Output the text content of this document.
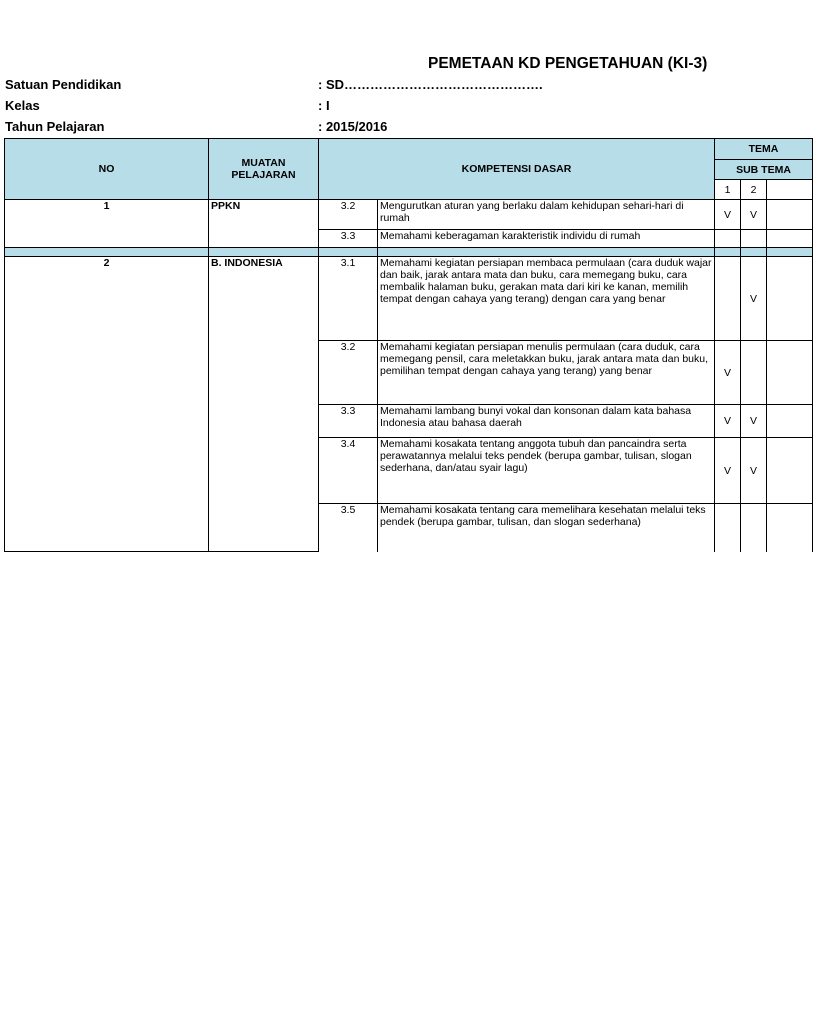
PEMETAAN KD PENGETAHUAN (KI-3)
Satuan Pendidikan	: SD……………………………………….
Kelas	: I
Tahun Pelajaran	: 2015/2016
NO	MUATAN PELAJARAN	KOMPETENSI DASAR		TEMA		
				SUB TEMA		
				1	2	
1	PPKN	3.2	Mengurutkan aturan yang berlaku dalam kehidupan sehari-hari di rumah	V	V	
		3.3	Memahami keberagaman karakteristik individu di rumah			

2	B. INDONESIA	3.1	Memahami kegiatan persiapan membaca permulaan (cara duduk wajar dan baik, jarak antara mata dan buku, cara memegang buku, cara membalik halaman buku, gerakan mata dari kiri ke kanan, memilih tempat dengan cahaya yang terang) dengan cara yang benar		V	
		3.2	Memahami kegiatan persiapan menulis permulaan (cara duduk, cara memegang pensil, cara meletakkan buku, jarak antara mata dan buku, pemilihan tempat dengan cahaya yang terang) yang benar	V		
		3.3	Memahami lambang bunyi vokal dan konsonan dalam kata bahasa Indonesia atau bahasa daerah	V	V	
		3.4	Memahami kosakata tentang anggota tubuh dan pancaindra serta perawatannya melalui teks pendek (berupa gambar, tulisan, slogan sederhana, dan/atau syair lagu)	V	V	
		3.5	Memahami kosakata tentang cara memelihara kesehatan melalui teks pendek (berupa gambar, tulisan, dan slogan sederhana)			
